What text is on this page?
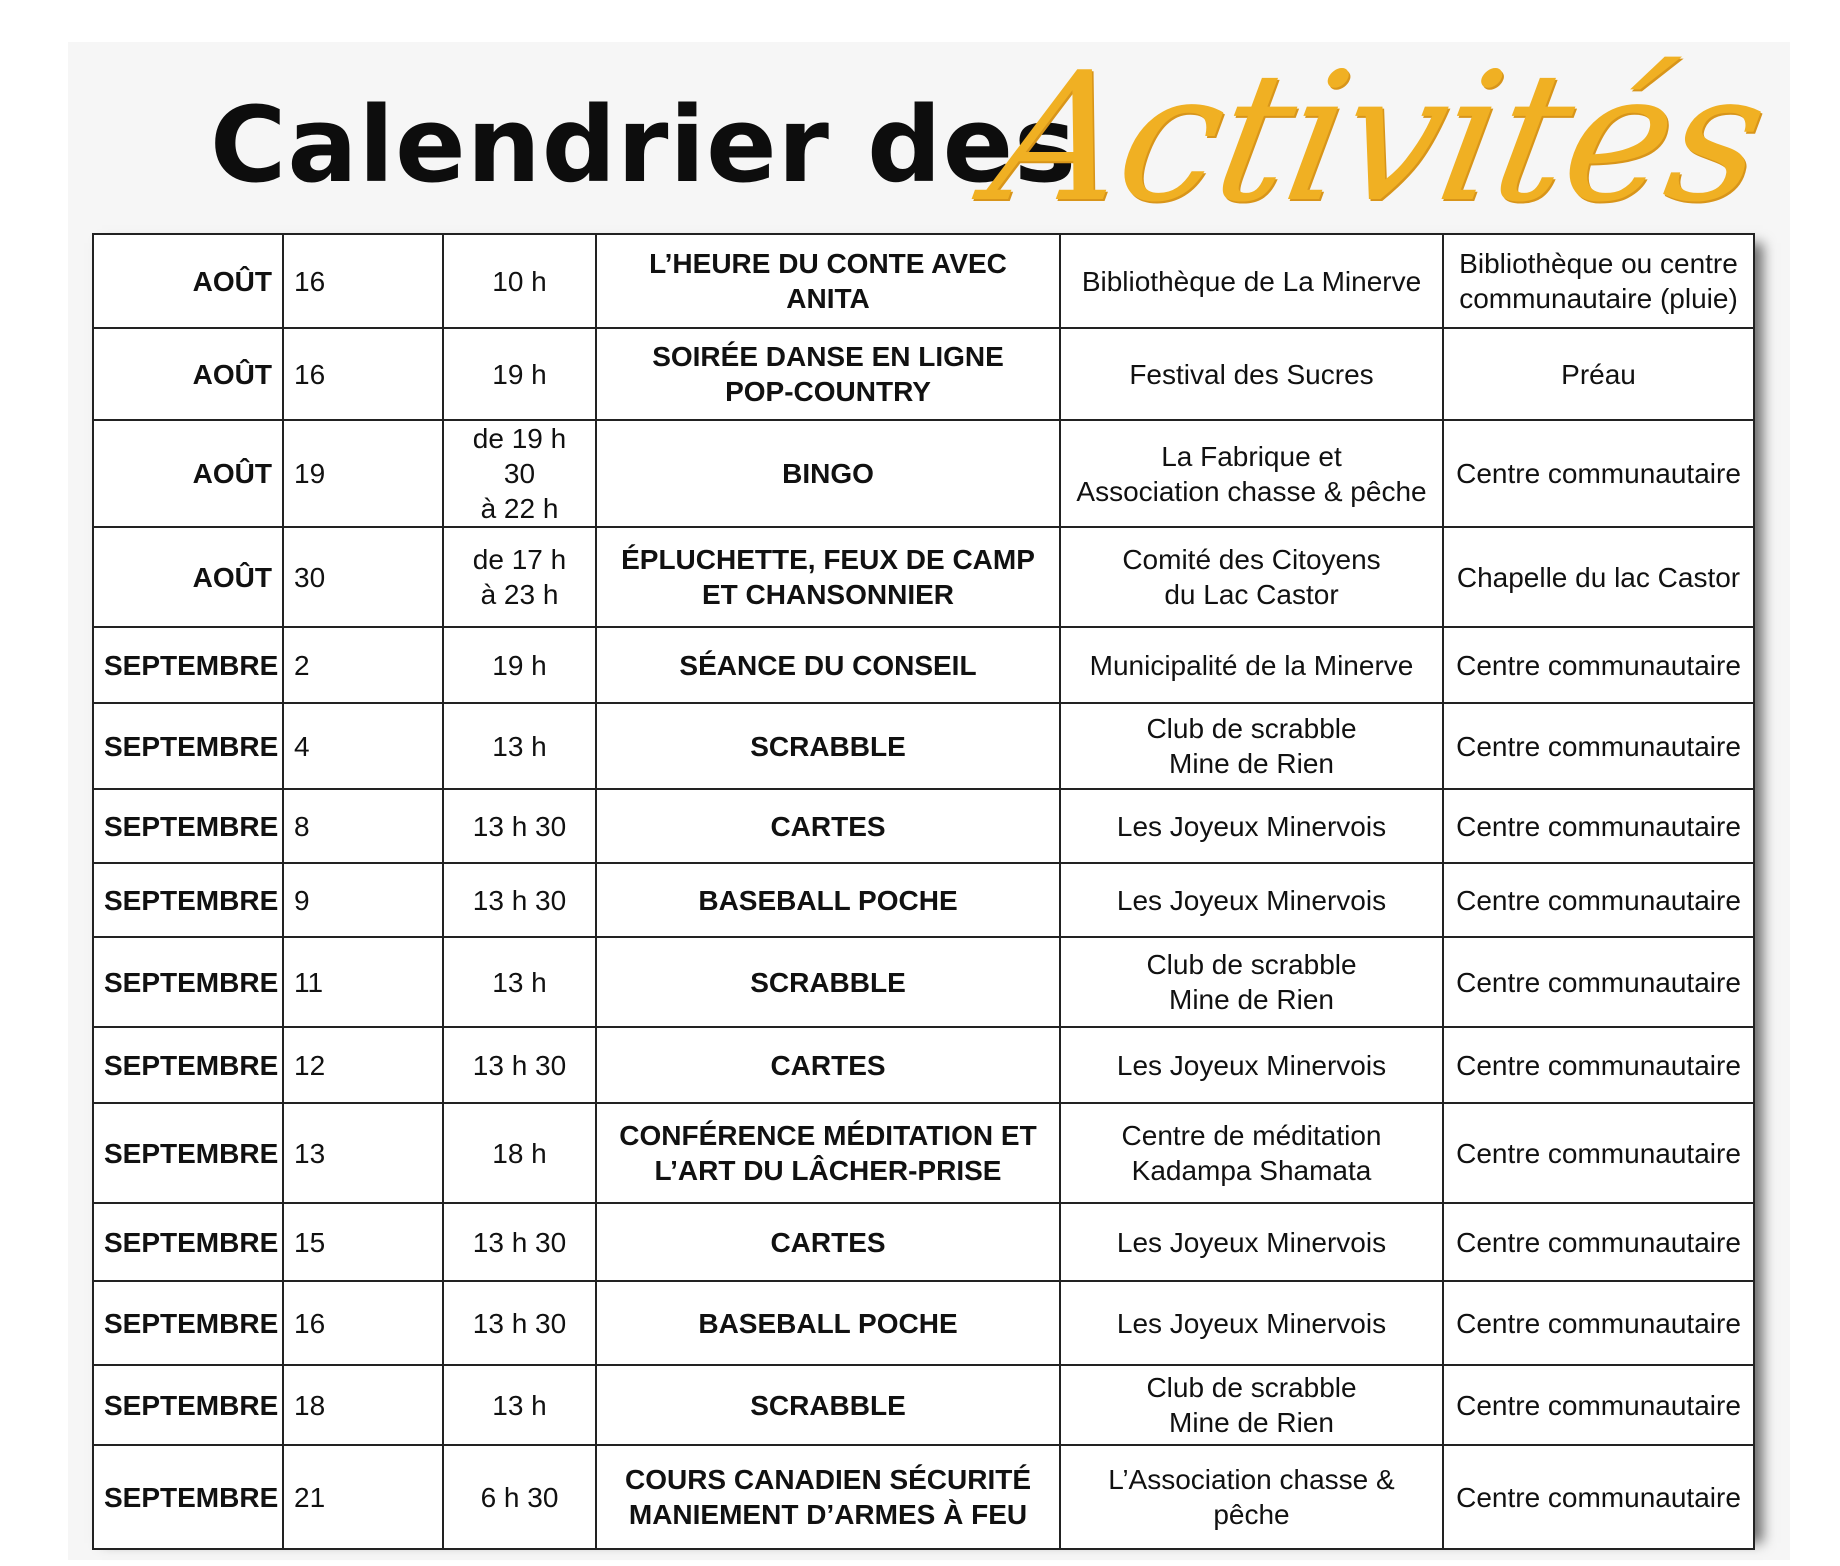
Calendrier des
Activités
AOÛT	16	10 h	L’HEURE DU CONTE AVEC ANITA	Bibliothèque de La Minerve	Bibliothèque ou centre
communautaire (pluie)
AOÛT	16	19 h	SOIRÉE DANSE EN LIGNE
POP-COUNTRY	Festival des Sucres	Préau
AOÛT	19	de 19 h 30
à 22 h	BINGO	La Fabrique et
Association chasse & pêche	Centre communautaire
AOÛT	30	de 17 h
à 23 h	ÉPLUCHETTE, FEUX DE CAMP
ET CHANSONNIER	Comité des Citoyens
du Lac Castor	Chapelle du lac Castor
SEPTEMBRE	2	19 h	SÉANCE DU CONSEIL	Municipalité de la Minerve	Centre communautaire
SEPTEMBRE	4	13 h	SCRABBLE	Club de scrabble
Mine de Rien	Centre communautaire
SEPTEMBRE	8	13 h 30	CARTES	Les Joyeux Minervois	Centre communautaire
SEPTEMBRE	9	13 h 30	BASEBALL POCHE	Les Joyeux Minervois	Centre communautaire
SEPTEMBRE	11	13 h	SCRABBLE	Club de scrabble
Mine de Rien	Centre communautaire
SEPTEMBRE	12	13 h 30	CARTES	Les Joyeux Minervois	Centre communautaire
SEPTEMBRE	13	18 h	CONFÉRENCE MÉDITATION ET
L’ART DU LÂCHER-PRISE	Centre de méditation
Kadampa Shamata	Centre communautaire
SEPTEMBRE	15	13 h 30	CARTES	Les Joyeux Minervois	Centre communautaire
SEPTEMBRE	16	13 h 30	BASEBALL POCHE	Les Joyeux Minervois	Centre communautaire
SEPTEMBRE	18	13 h	SCRABBLE	Club de scrabble
Mine de Rien	Centre communautaire
SEPTEMBRE	21	6 h 30	COURS CANADIEN SÉCURITÉ
MANIEMENT D’ARMES À FEU	L’Association chasse & pêche	Centre communautaire
